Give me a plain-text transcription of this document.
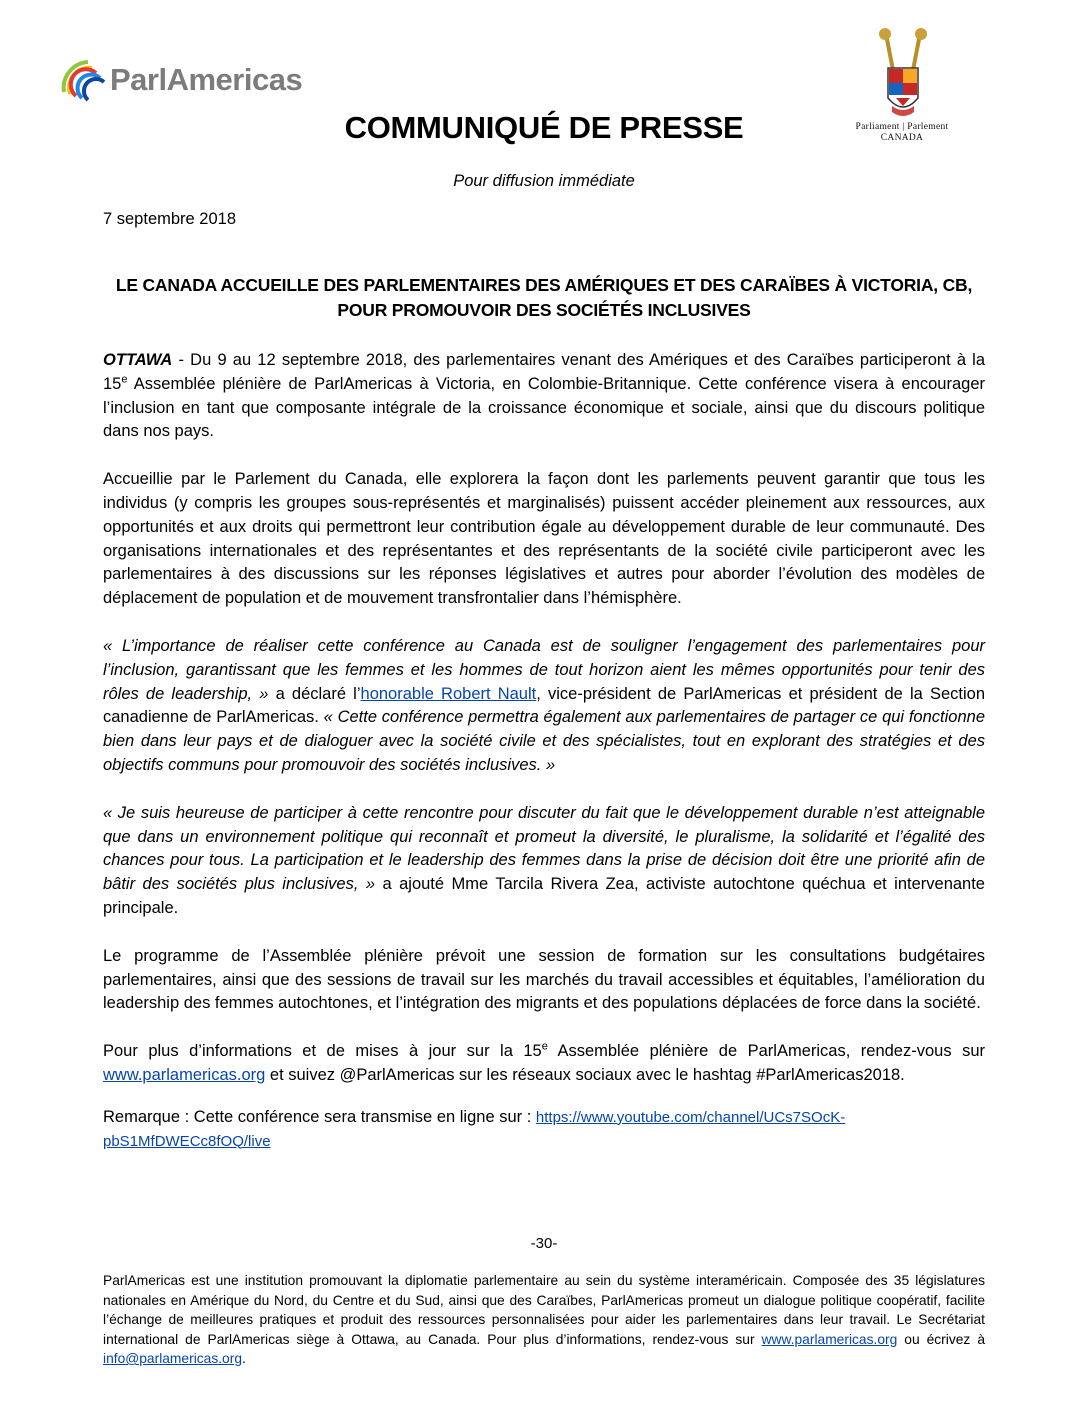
ParlAmericas
Parliament | Parlement
CANADA
COMMUNIQUÉ DE PRESSE
Pour diffusion immédiate
7 septembre 2018
LE CANADA ACCUEILLE DES PARLEMENTAIRES DES AMÉRIQUES ET DES CARAÏBES À VICTORIA, CB,
POUR PROMOUVOIR DES SOCIÉTÉS INCLUSIVES

OTTAWA - Du 9 au 12 septembre 2018, des parlementaires venant des Amériques et des Caraïbes participeront à la 15e Assemblée plénière de ParlAmericas à Victoria, en Colombie-Britannique. Cette conférence visera à encourager l’inclusion en tant que composante intégrale de la croissance économique et sociale, ainsi que du discours politique dans nos pays.

Accueillie par le Parlement du Canada, elle explorera la façon dont les parlements peuvent garantir que tous les individus (y compris les groupes sous-représentés et marginalisés) puissent accéder pleinement aux ressources, aux opportunités et aux droits qui permettront leur contribution égale au développement durable de leur communauté. Des organisations internationales et des représentantes et des représentants de la société civile participeront avec les parlementaires à des discussions sur les réponses législatives et autres pour aborder l’évolution des modèles de déplacement de population et de mouvement transfrontalier dans l’hémisphère.

« L’importance de réaliser cette conférence au Canada est de souligner l’engagement des parlementaires pour l’inclusion, garantissant que les femmes et les hommes de tout horizon aient les mêmes opportunités pour tenir des rôles de leadership, » a déclaré l’honorable Robert Nault, vice-président de ParlAmericas et président de la Section canadienne de ParlAmericas. « Cette conférence permettra également aux parlementaires de partager ce qui fonctionne bien dans leur pays et de dialoguer avec la société civile et des spécialistes, tout en explorant des stratégies et des objectifs communs pour promouvoir des sociétés inclusives. »

« Je suis heureuse de participer à cette rencontre pour discuter du fait que le développement durable n’est atteignable que dans un environnement politique qui reconnaît et promeut la diversité, le pluralisme, la solidarité et l’égalité des chances pour tous. La participation et le leadership des femmes dans la prise de décision doit être une priorité afin de bâtir des sociétés plus inclusives, » a ajouté Mme Tarcila Rivera Zea, activiste autochtone quéchua et intervenante principale.

Le programme de l’Assemblée plénière prévoit une session de formation sur les consultations budgétaires parlementaires, ainsi que des sessions de travail sur les marchés du travail accessibles et équitables, l’amélioration du leadership des femmes autochtones, et l’intégration des migrants et des populations déplacées de force dans la société.

Pour plus d’informations et de mises à jour sur la 15e Assemblée plénière de ParlAmericas, rendez-vous sur www.parlamericas.org et suivez @ParlAmericas sur les réseaux sociaux avec le hashtag #ParlAmericas2018.

Remarque : Cette conférence sera transmise en ligne sur : https://www.youtube.com/channel/UCs7SOcK-
pbS1MfDWECc8fOQ/live

-30-
ParlAmericas est une institution promouvant la diplomatie parlementaire au sein du système interaméricain. Composée des 35 législatures nationales en Amérique du Nord, du Centre et du Sud, ainsi que des Caraïbes, ParlAmericas promeut un dialogue politique coopératif, facilite l’échange de meilleures pratiques et produit des ressources personnalisées pour aider les parlementaires dans leur travail. Le Secrétariat international de ParlAmericas siège à Ottawa, au Canada. Pour plus d’informations, rendez-vous sur www.parlamericas.org ou écrivez à info@parlamericas.org.
